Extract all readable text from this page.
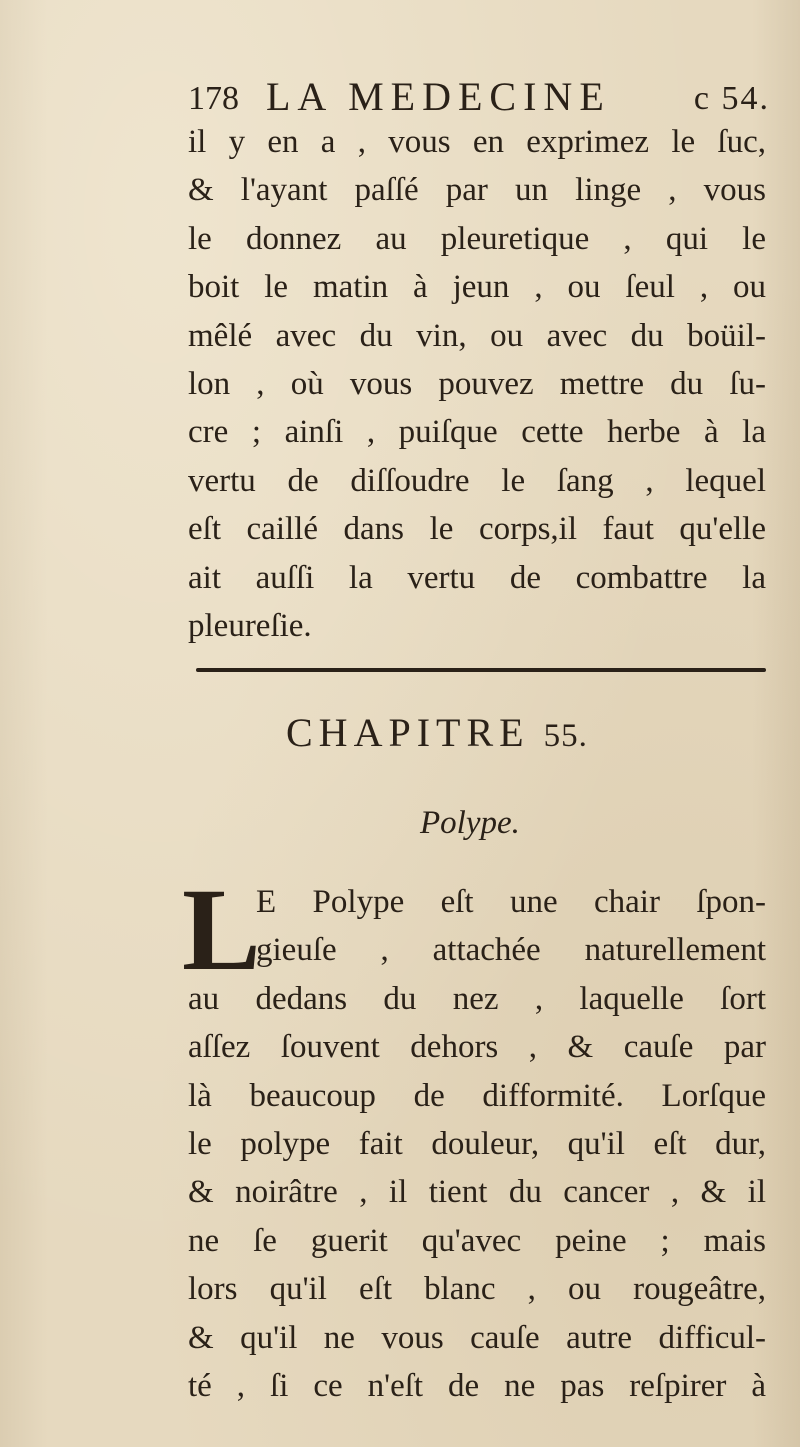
178 LA MEDECINE c 54.
il y en a , vous en exprimez le ſuc,
& l'ayant paſſé par un linge , vous
le donnez au pleuretique , qui le
boit le matin à jeun , ou ſeul , ou
mêlé avec du vin, ou avec du boüil-
lon , où vous pouvez mettre du ſu-
cre ; ainſi , puiſque cette herbe à la
vertu de diſſoudre le ſang , lequel
eſt caillé dans le corps,il faut qu'elle
ait auſſi la vertu de combattre la
pleureſie.
CHAPITRE 55.
Polype.
L
E Polype eſt une chair ſpon-
gieuſe , attachée naturellement
au dedans du nez , laquelle ſort
aſſez ſouvent dehors , & cauſe par
là beaucoup de difformité. Lorſque
le polype fait douleur, qu'il eſt dur,
& noirâtre , il tient du cancer , & il
ne ſe guerit qu'avec peine ; mais
lors qu'il eſt blanc , ou rougeâtre,
& qu'il ne vous cauſe autre difficul-
té , ſi ce n'eſt de ne pas reſpirer à
